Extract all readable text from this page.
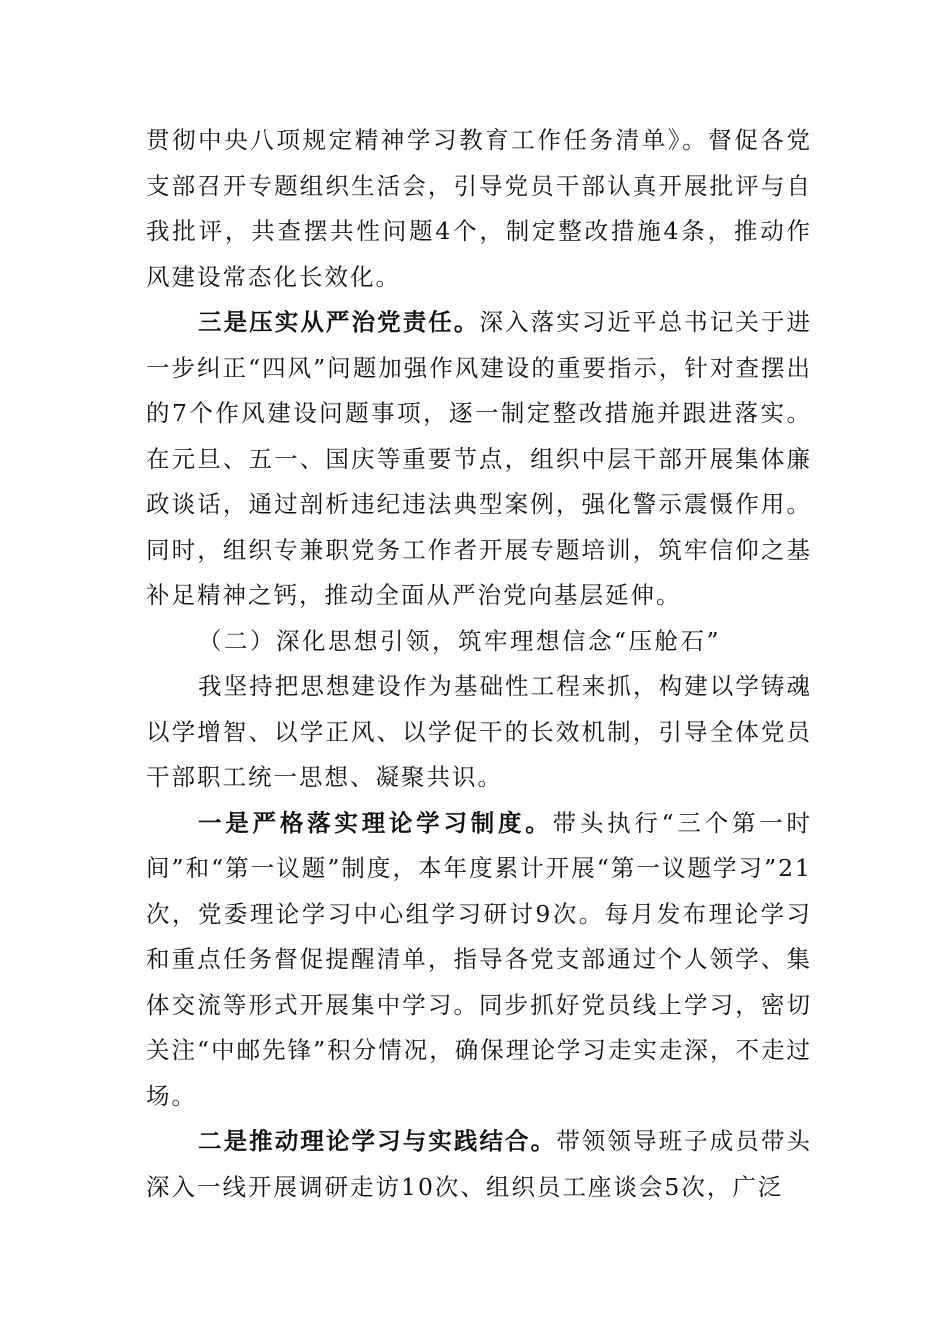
贯彻中央八项规定精神学习教育工作任务清单》。督促各党支部召开专题组织生活会，引导党员干部认真开展批评与自我批评，共查摆共性问题4个，制定整改措施4条，推动作风建设常态化长效化。

三是压实从严治党责任。深入落实习近平总书记关于进一步纠正“四风”问题加强作风建设的重要指示，针对查摆出的7个作风建设问题事项，逐一制定整改措施并跟进落实。在元旦、五一、国庆等重要节点，组织中层干部开展集体廉政谈话，通过剖析违纪违法典型案例，强化警示震慑作用。同时，组织专兼职党务工作者开展专题培训，筑牢信仰之基补足精神之钙，推动全面从严治党向基层延伸。

（二）深化思想引领，筑牢理想信念“压舱石”

我坚持把思想建设作为基础性工程来抓，构建以学铸魂以学增智、以学正风、以学促干的长效机制，引导全体党员干部职工统一思想、凝聚共识。

一是严格落实理论学习制度。带头执行“三个第一时间”和“第一议题”制度，本年度累计开展“第一议题学习”21次，党委理论学习中心组学习研讨9次。每月发布理论学习和重点任务督促提醒清单，指导各党支部通过个人领学、集体交流等形式开展集中学习。同步抓好党员线上学习，密切关注“中邮先锋”积分情况，确保理论学习走实走深，不走过场。

二是推动理论学习与实践结合。带领领导班子成员带头深入一线开展调研走访10次、组织员工座谈会5次，广泛
